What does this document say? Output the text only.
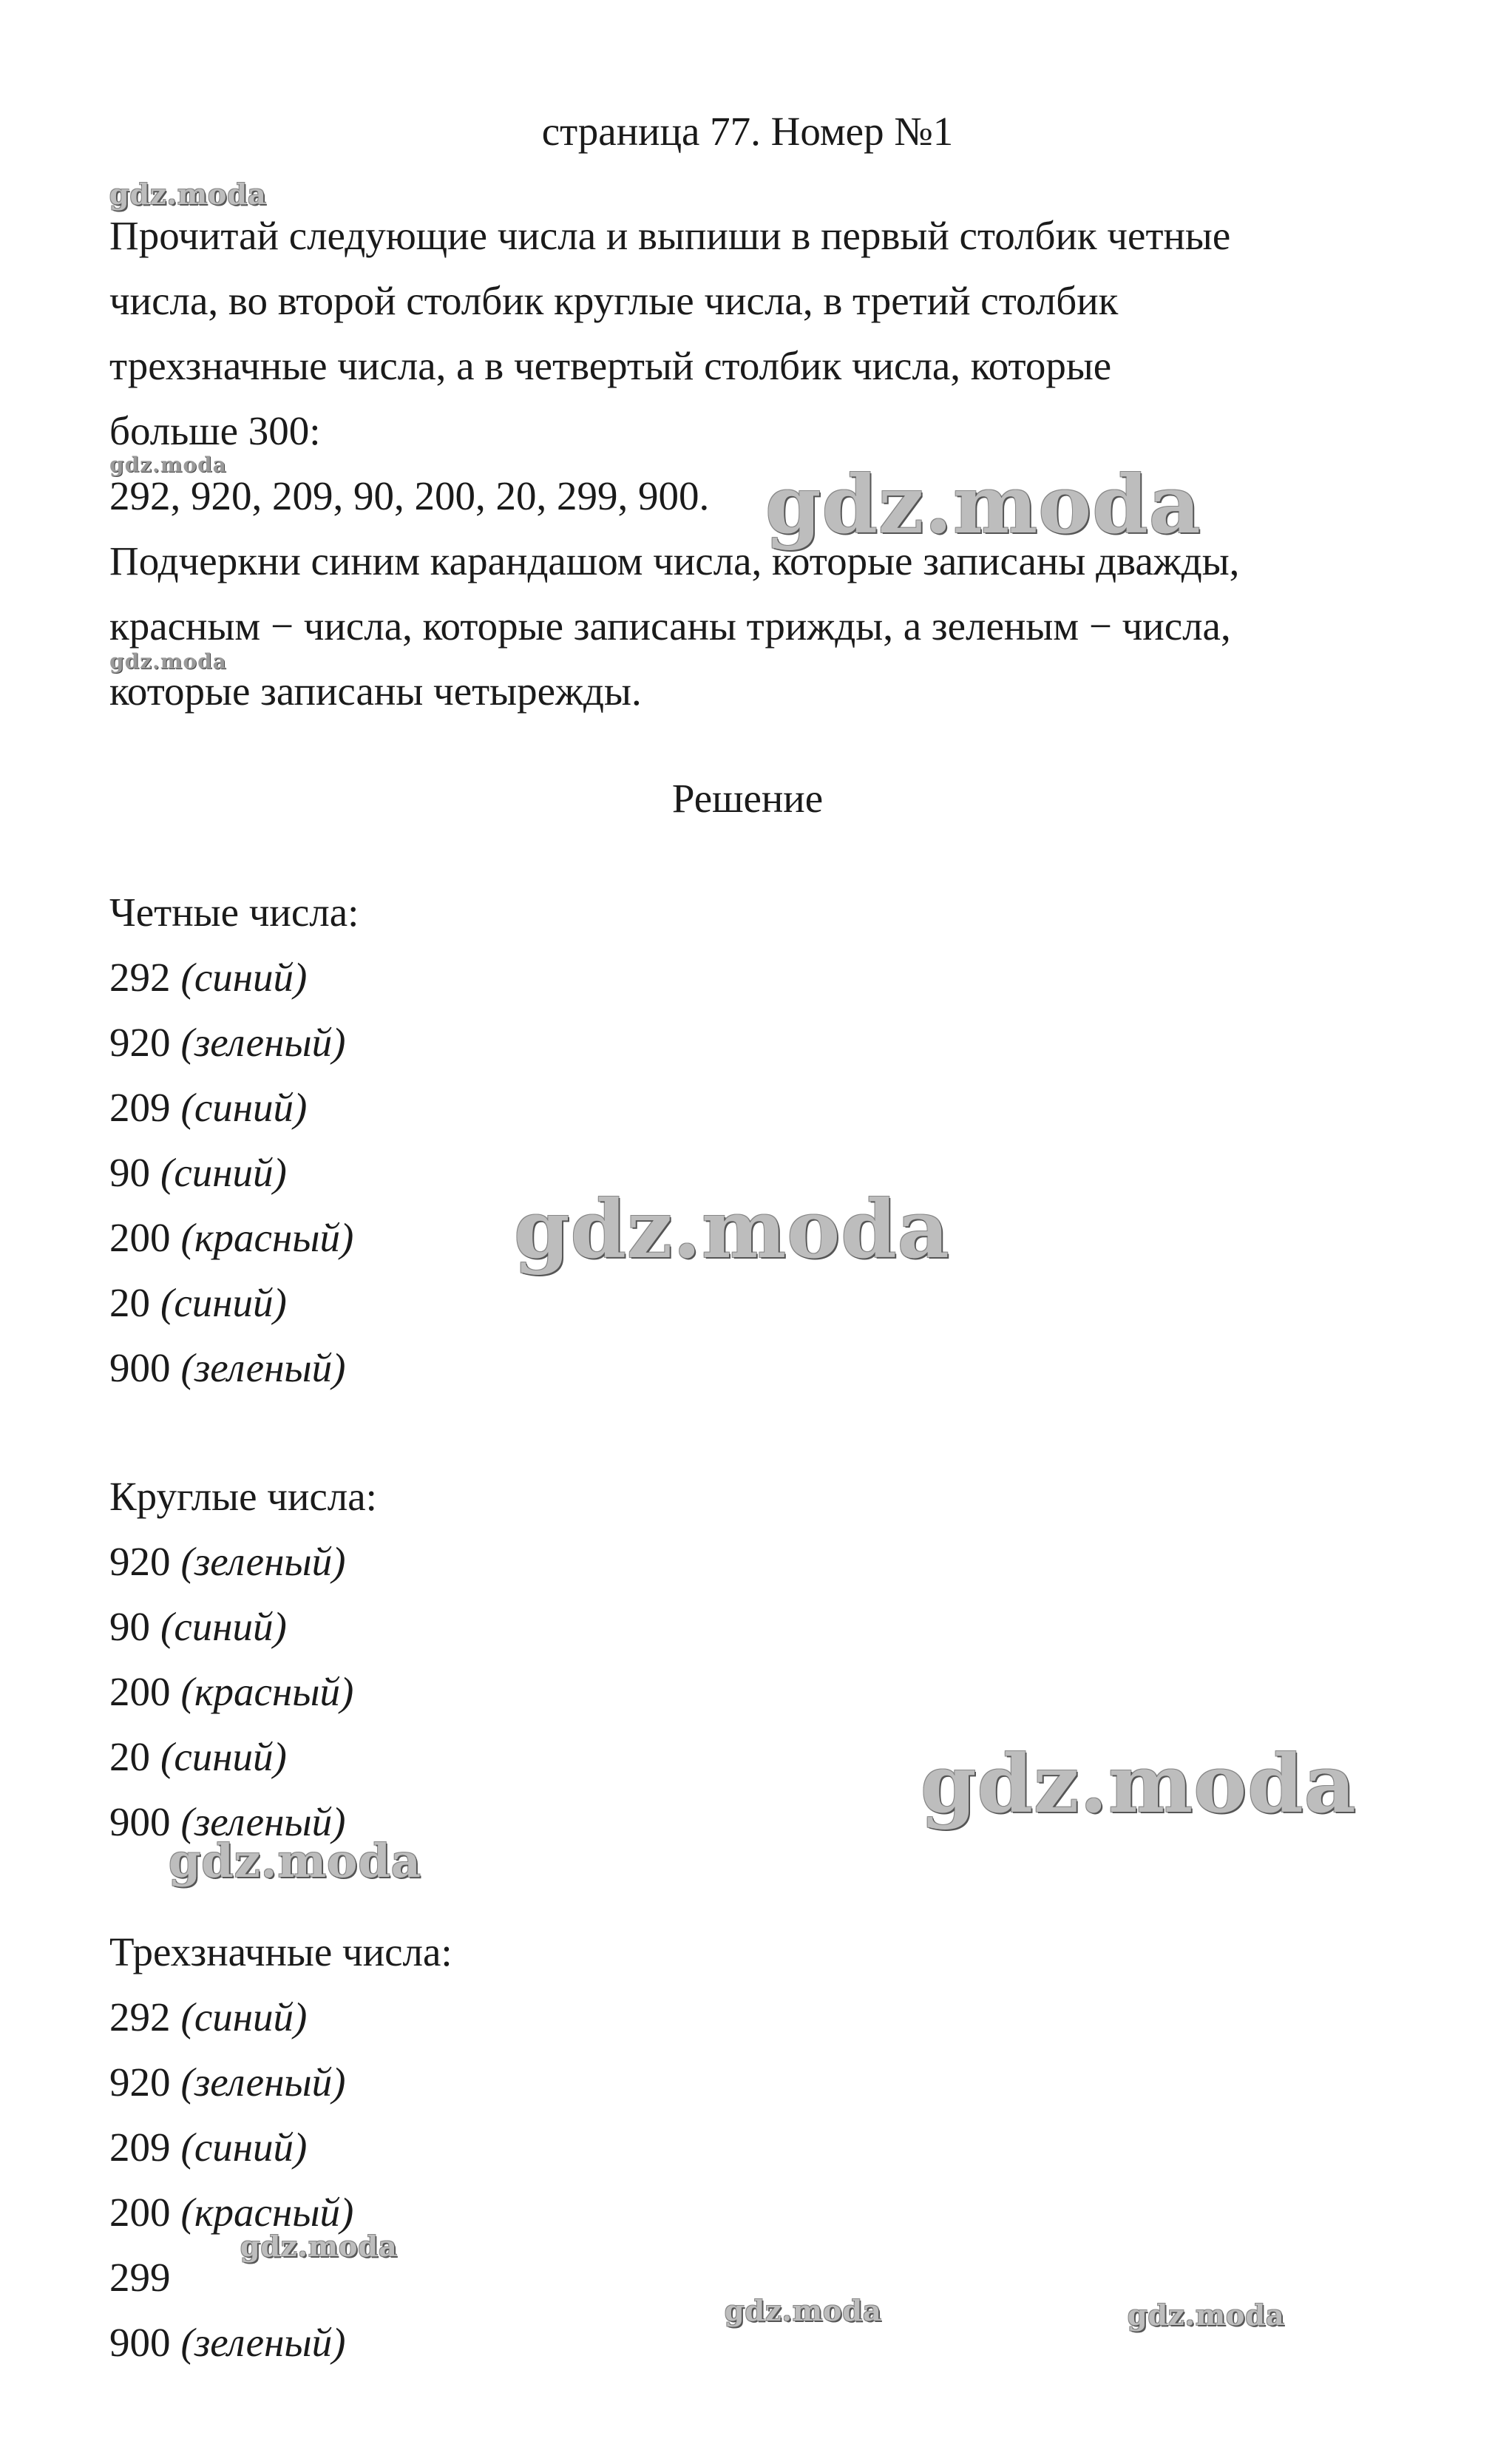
страница 77. Номер №1
Прочитай следующие числа и выпиши в первый столбик четные
числа, во второй столбик круглые числа, в третий столбик
трехзначные числа, а в четвертый столбик числа, которые
больше 300:
292, 920, 209, 90, 200, 20, 299, 900.
Подчеркни синим карандашом числа, которые записаны дважды,
красным − числа, которые записаны трижды, а зеленым − числа,
которые записаны четырежды.
Решение
Четные числа:
292 (синий)
920 (зеленый)
209 (синий)
90 (синий)
200 (красный)
20 (синий)
900 (зеленый)
Круглые числа:
920 (зеленый)
90 (синий)
200 (красный)
20 (синий)
900 (зеленый)
Трехзначные числа:
292 (синий)
920 (зеленый)
209 (синий)
200 (красный)
299
900 (зеленый)
gdz.moda
gdz.moda	gdz.moda
gdz.moda
gdz.moda
gdz.moda
gdz.moda
gdz.moda
gdz.moda	gdz.moda
